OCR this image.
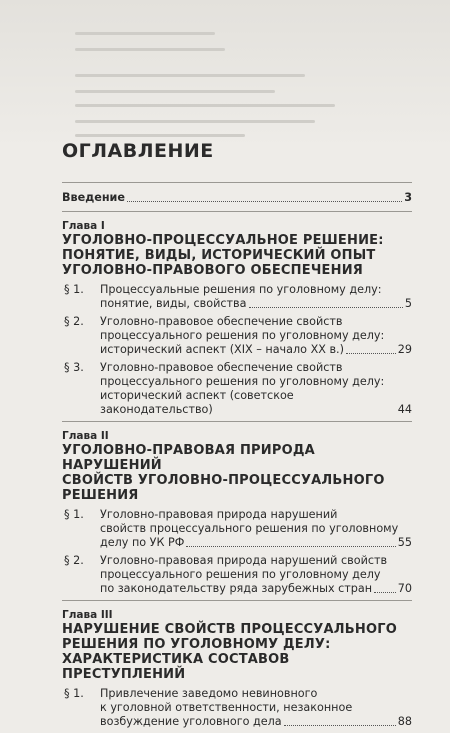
ОГЛАВЛЕНИЕ
Введение	3
Глава I
УГОЛОВНО-ПРОЦЕССУАЛЬНОЕ РЕШЕНИЕ:
ПОНЯТИЕ, ВИДЫ, ИСТОРИЧЕСКИЙ ОПЫТ
УГОЛОВНО-ПРАВОВОГО ОБЕСПЕЧЕНИЯ
§ 1.	Процессуальные решения по уголовному делу:
понятие, виды, свойства	5
§ 2.	Уголовно-правовое обеспечение свойств
процессуального решения по уголовному делу:
исторический аспект (XIX – начало XX в.)	29
§ 3.	Уголовно-правовое обеспечение свойств
процессуального решения по уголовному делу:
исторический аспект (советское законодательство)	44
Глава II
УГОЛОВНО-ПРАВОВАЯ ПРИРОДА НАРУШЕНИЙ
СВОЙСТВ УГОЛОВНО-ПРОЦЕССУАЛЬНОГО РЕШЕНИЯ
§ 1.	Уголовно-правовая природа нарушений
свойств процессуального решения по уголовному
делу по УК РФ	55
§ 2.	Уголовно-правовая природа нарушений свойств
процессуального решения по уголовному делу
по законодательству ряда зарубежных стран 70
Глава III
НАРУШЕНИЕ СВОЙСТВ ПРОЦЕССУАЛЬНОГО
РЕШЕНИЯ ПО УГОЛОВНОМУ ДЕЛУ:
ХАРАКТЕРИСТИКА СОСТАВОВ ПРЕСТУПЛЕНИЙ
§ 1.	Привлечение заведомо невиновного
к уголовной ответственности, незаконное
возбуждение уголовного дела	88
